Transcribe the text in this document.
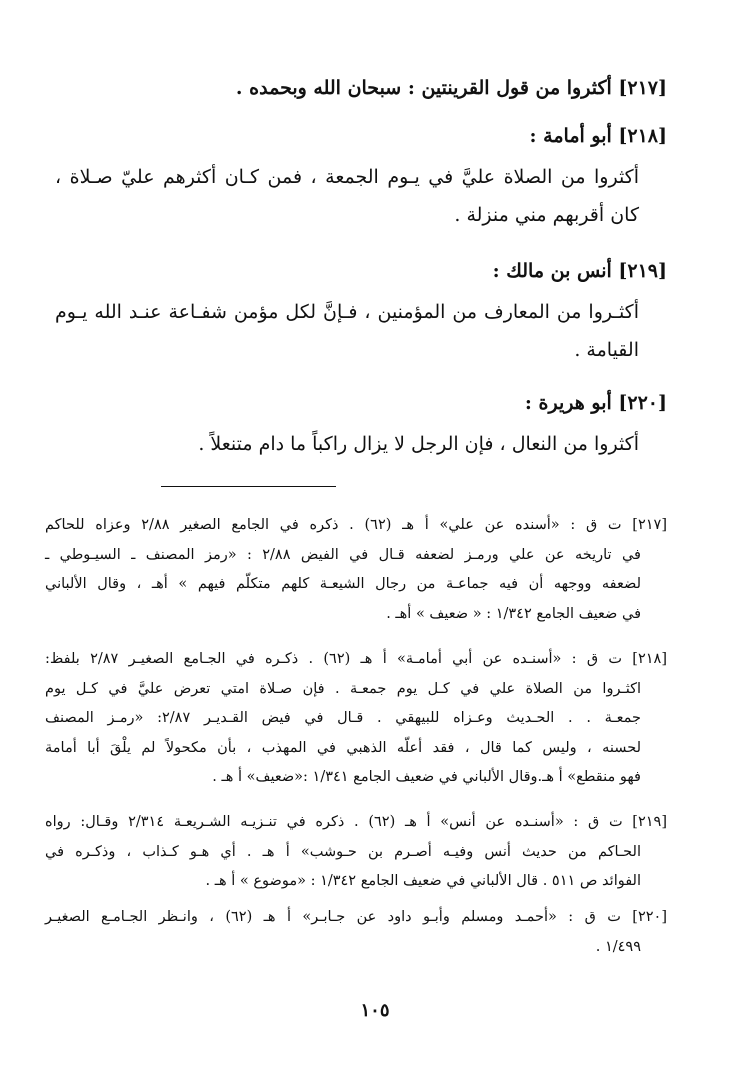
[٢١٧] أكثروا من قول القرينتين : سبحان الله وبحمده .
[٢١٨] أبو أمامة :
أكثروا من الصلاة عليَّ في يـوم الجمعة ، فمن كـان أكثرهم عليّ صـلاة ،
كان أقربهم مني منزلة .
[٢١٩] أنس بن مالك :
أكثـروا من المعارف من المؤمنين ، فـإنَّ لكل مؤمن شفـاعة عنـد الله يـوم
القيامة .
[٢٢٠] أبو هريرة :
أكثروا من النعال ، فإن الرجل لا يزال راكباً ما دام متنعلاً .
[٢١٧] ت ق : «أسنده عن علي» أ هـ (٦٢) . ذكره في الجامع الصغير ٢/٨٨ وعزاه للحاكم
في تاريخه عن علي ورمـز لضعفه قـال في الفيض ٢/٨٨ : «رمز المصنف ـ السيـوطي ـ
لضعفه ووجهه أن فيه جماعـة من رجال الشيعـة كلهم متكلّم فيهم » أهـ ، وقال الألباني
في ضعيف الجامع ١/٣٤٢ : « ضعيف » أهـ .
[٢١٨] ت ق : «أسنـده عن أبي أمامـة» أ هـ (٦٢) . ذكـره في الجـامع الصغيـر ٢/٨٧ بلفظ:
اكثـروا من الصلاة علي في كـل يوم جمعـة . فإن صـلاة امتي تعرض عليَّ في كـل يوم
جمعـة . . الحـديث وعـزاه للبيهقي . قـال في فيض القـديـر ٢/٨٧: «رمـز المصنف
لحسنه ، وليس كما قال ، فقد أعلّه الذهبي في المهذب ، بأن مكحولاً لم يلْقَ أبا أمامة
فهو منقطع» أ هـ.وقال الألباني في ضعيف الجامع ١/٣٤١ :«ضعيف» أ هـ .
[٢١٩] ت ق : «أسنـده عن أنس» أ هـ (٦٢) . ذكره في تنـزيـه الشـريعـة ٢/٣١٤ وقـال: رواه
الحـاكم من حديث أنس وفيـه أصـرم بن حـوشب» أ هـ . أي هـو كـذاب ، وذكـره في
الفوائد ص ٥١١ . قال الألباني في ضعيف الجامع ١/٣٤٢ : «موضوع » أ هـ .
[٢٢٠] ت ق : «أحمـد ومسلم وأبـو داود عن جـابـر» أ هـ (٦٢) ، وانـظر الجـامـع الصغيـر
١/٤٩٩ .
١٠٥
